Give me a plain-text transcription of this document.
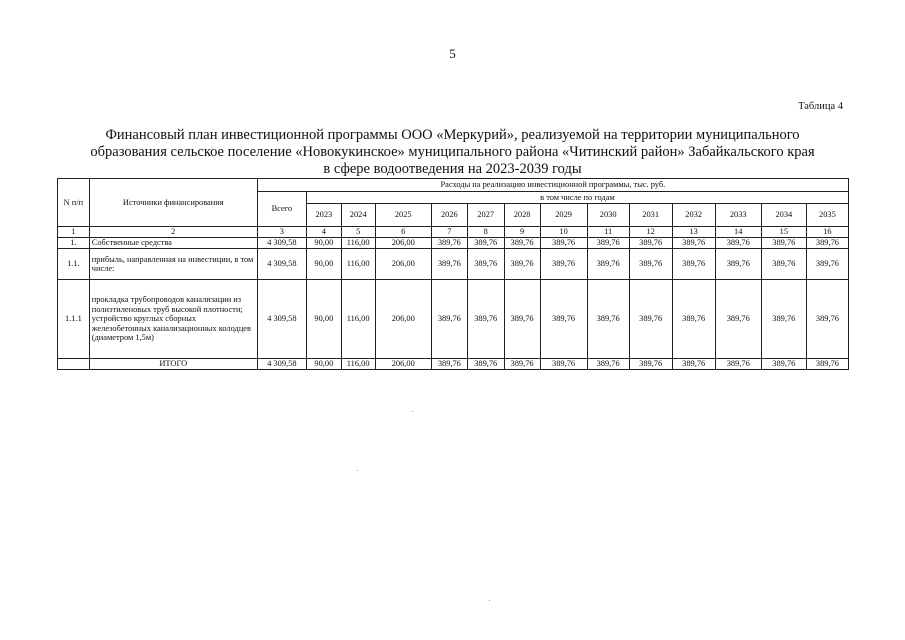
5
Таблица 4
Финансовый план инвестиционной программы ООО «Меркурий», реализуемой на территории муниципального
образования сельское поселение «Новокукинское» муниципального района «Читинский район» Забайкальского края
в сфере водоотведения на 2023-2039 годы
N п/п	Источники финансирования	Расходы на реализацию инвестиционной программы, тыс. руб.													
		Всего	в том числе по годам												
			2023	2024	2025	2026	2027	2028	2029	2030	2031	2032	2033	2034	2035
1	2	3	4	5	6	7	8	9	10	11	12	13	14	15	16
1.	Собственные средства	4 309,58	90,00	116,00	206,00	389,76	389,76	389,76	389,76	389,76	389,76	389,76	389,76	389,76	389,76
1.1.	прибыль, направленная на инвестиции, в том числе:	4 309,58	90,00	116,00	206,00	389,76	389,76	389,76	389,76	389,76	389,76	389,76	389,76	389,76	389,76
1.1.1	прокладка трубопроводов канализации из полиэтиленовых труб высокой плотности; устройство круглых сборных железобетонных канализационных колодцев (диаметром 1,5м)	4 309,58	90,00	116,00	206,00	389,76	389,76	389,76	389,76	389,76	389,76	389,76	389,76	389,76	389,76
	ИТОГО	4 309,58	90,00	116,00	206,00	389,76	389,76	389,76	389,76	389,76	389,76	389,76	389,76	389,76	389,76
